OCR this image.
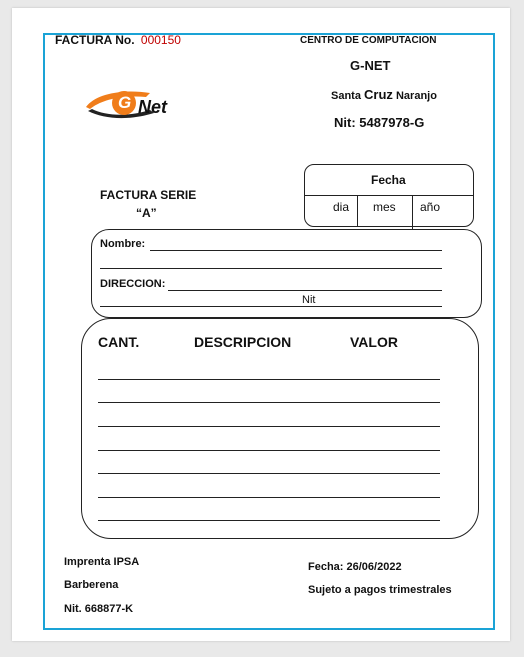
FACTURA No. 000150	CENTRO DE COMPUTACION
G-NET
Santa Cruz Naranjo
Nit: 5487978-G
G Net
FACTURA SERIE
“A”
Fecha
dia mes año
Nombre:
DIRECCION:
Nit
CANT.	DESCRIPCION	VALOR
Imprenta IPSA
Barberena
Nit. 668877-K
Fecha: 26/06/2022
Sujeto a pagos trimestrales
